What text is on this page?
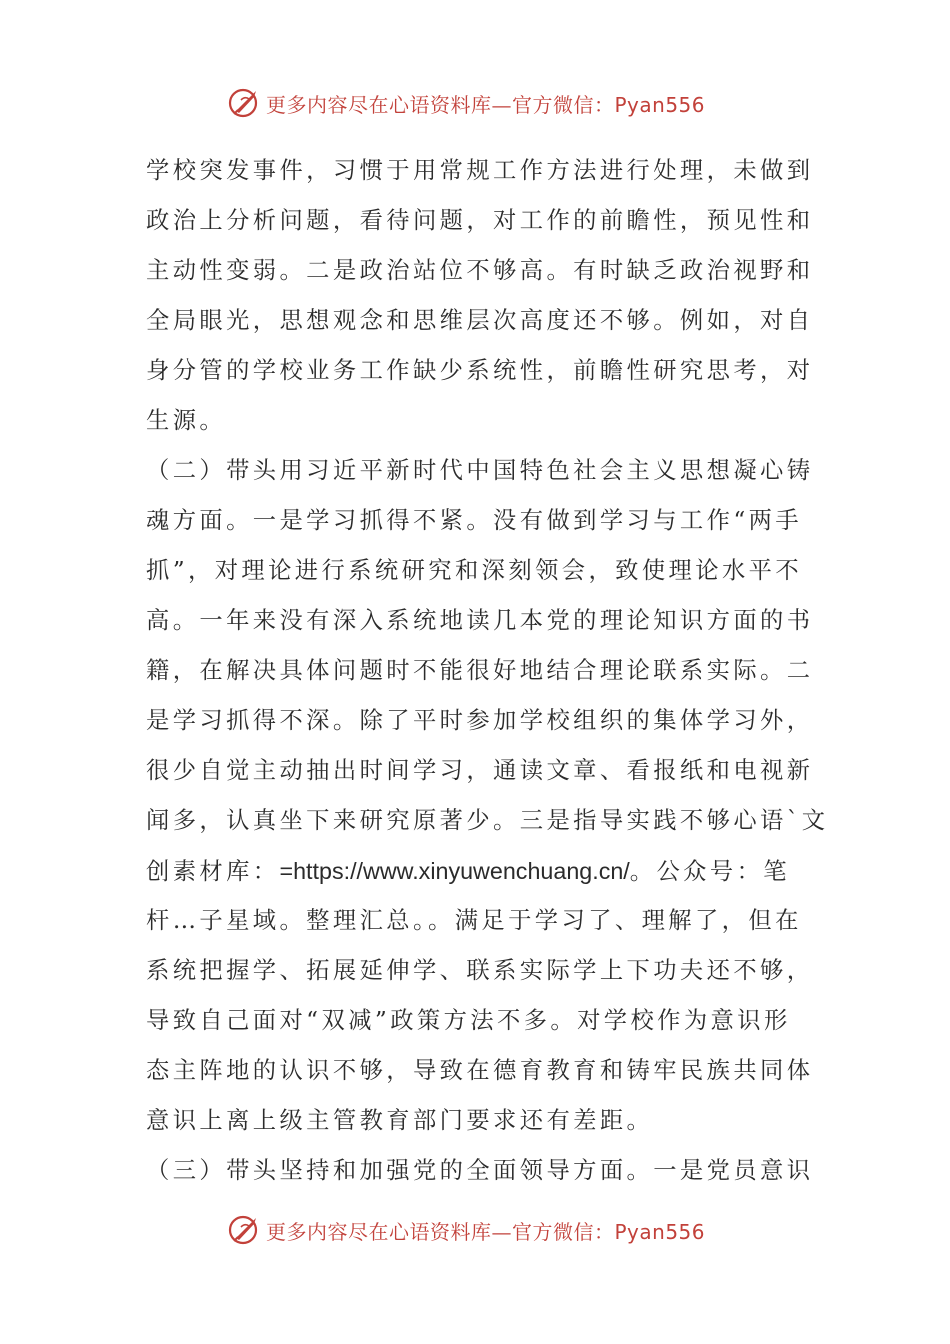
更多内容尽在心语资料库—官方微信：Pyan556
学校突发事件，习惯于用常规工作方法进行处理，未做到
政治上分析问题，看待问题，对工作的前瞻性，预见性和
主动性变弱。二是政治站位不够高。有时缺乏政治视野和
全局眼光，思想观念和思维层次高度还不够。例如，对自
身分管的学校业务工作缺少系统性，前瞻性研究思考，对
生源。
（二）带头用习近平新时代中国特色社会主义思想凝心铸
魂方面。一是学习抓得不紧。没有做到学习与工作“两手
抓”，对理论进行系统研究和深刻领会，致使理论水平不
高。一年来没有深入系统地读几本党的理论知识方面的书
籍，在解决具体问题时不能很好地结合理论联系实际。二
是学习抓得不深。除了平时参加学校组织的集体学习外，
很少自觉主动抽出时间学习，通读文章、看报纸和电视新
闻多，认真坐下来研究原著少。三是指导实践不够心语`文
创素材库：=https://www.xinyuwenchuang.cn/。公众号：笔
杆…子星域。整理汇总。。满足于学习了、理解了，但在
系统把握学、拓展延伸学、联系实际学上下功夫还不够，
导致自己面对“双减”政策方法不多。对学校作为意识形
态主阵地的认识不够，导致在德育教育和铸牢民族共同体
意识上离上级主管教育部门要求还有差距。
（三）带头坚持和加强党的全面领导方面。一是党员意识
更多内容尽在心语资料库—官方微信：Pyan556
